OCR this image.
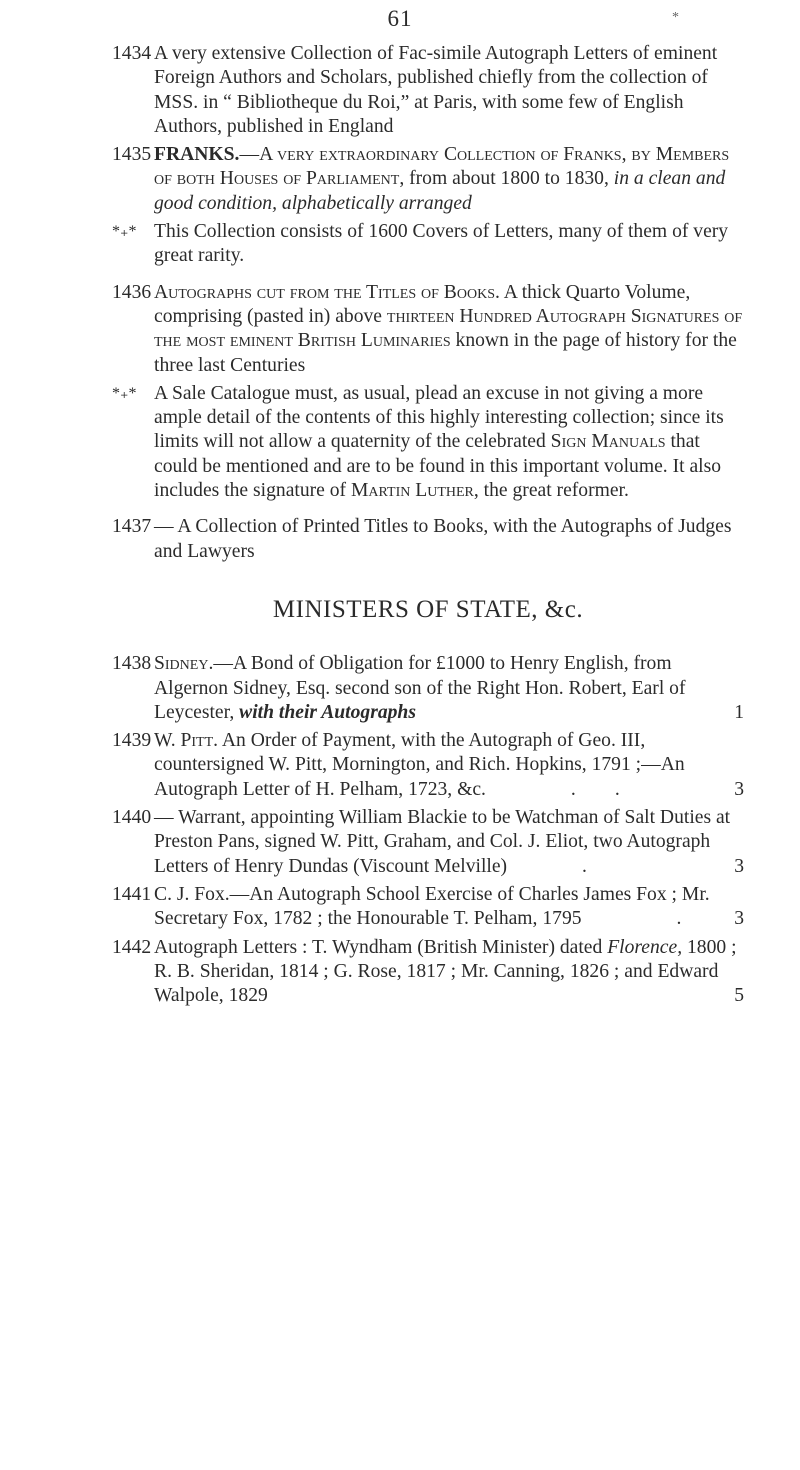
61	*
1434 A very extensive Collection of Fac-simile Autograph Letters of eminent Foreign Authors and Scholars, published chiefly from the collection of MSS. in “ Bibliotheque du Roi,” at Paris, with some few of English Authors, published in England
1435 FRANKS.—A very extraordinary Collection of Franks, by Members of both Houses of Parliament, from about 1800 to 1830, in a clean and good condition, alphabetically arranged
*₊* This Collection consists of 1600 Covers of Letters, many of them of very great rarity.
1436 Autographs cut from the Titles of Books. A thick Quarto Volume, comprising (pasted in) above thirteen Hundred Autograph Signatures of the most eminent British Luminaries known in the page of history for the three last Centuries
*₊* A Sale Catalogue must, as usual, plead an excuse in not giving a more ample detail of the contents of this highly interesting collection; since its limits will not allow a quaternity of the celebrated Sign Manuals that could be mentioned and are to be found in this important volume. It also includes the signature of Martin Luther, the great reformer.
1437 — A Collection of Printed Titles to Books, with the Autographs of Judges and Lawyers
MINISTERS OF STATE, &c.
1438 Sidney.—A Bond of Obligation for £1000 to Henry English, from Algernon Sidney, Esq. second son of the Right Hon. Robert, Earl of Leycester, with their Autographs	1
1439 W. Pitt. An Order of Payment, with the Autograph of Geo. III, countersigned W. Pitt, Mornington, and Rich. Hopkins, 1791 ;—An Autograph Letter of H. Pelham, 1723, &c.	.        .	3
1440 — Warrant, appointing William Blackie to be Watchman of Salt Duties at Preston Pans, signed W. Pitt, Graham, and Col. J. Eliot, two Autograph Letters of Henry Dundas (Viscount Melville)	.	3
1441 C. J. Fox.—An Autograph School Exercise of Charles James Fox ; Mr. Secretary Fox, 1782 ; the Honourable T. Pelham, 1795	.	3
1442 Autograph Letters : T. Wyndham (British Minister) dated Florence, 1800 ; R. B. Sheridan, 1814 ; G. Rose, 1817 ; Mr. Canning, 1826 ; and Edward Walpole, 1829	5
